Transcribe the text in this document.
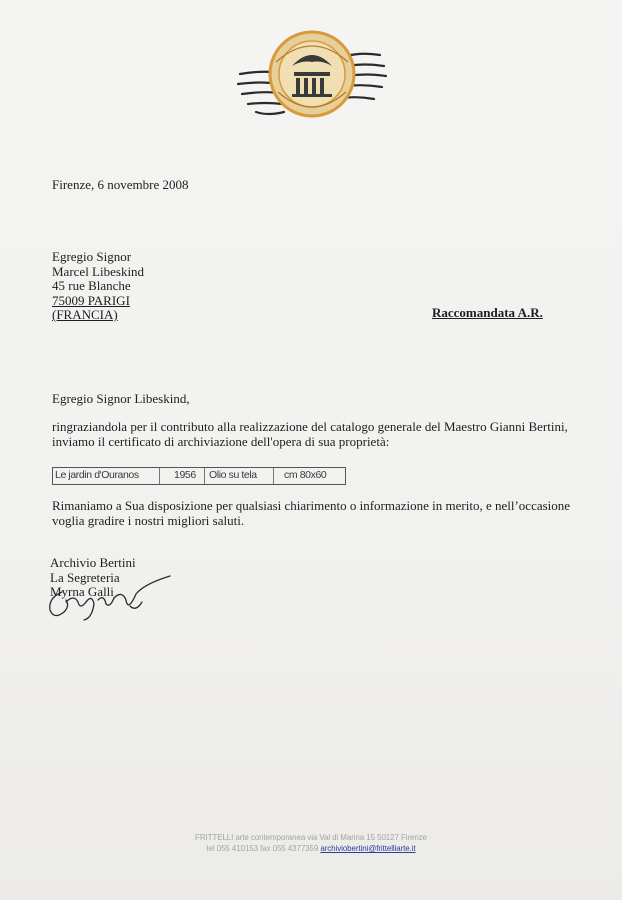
Firenze, 6 novembre 2008
Egregio Signor
Marcel Libeskind
45 rue Blanche
75009 PARIGI
(FRANCIA)	Raccomandata A.R.
Egregio Signor Libeskind,
ringraziandola per il contributo alla realizzazione del catalogo generale del Maestro Gianni Bertini,
inviamo il certificato di archiviazione dell'opera di sua proprietà:
Le jardin d'Ouranos	1956	Olio su tela	cm 80x60
Rimaniamo a Sua disposizione per qualsiasi chiarimento o informazione in merito, e nell’occasione
voglia gradire i nostri migliori saluti.
Archivio Bertini
La Segreteria
Myrna Galli
FRITTELLI arte contemporanea via Val di Marina 15 50127 Firenze
tel 055 410153 fax 055 4377359 archiviobertini@frittelliarte.it
